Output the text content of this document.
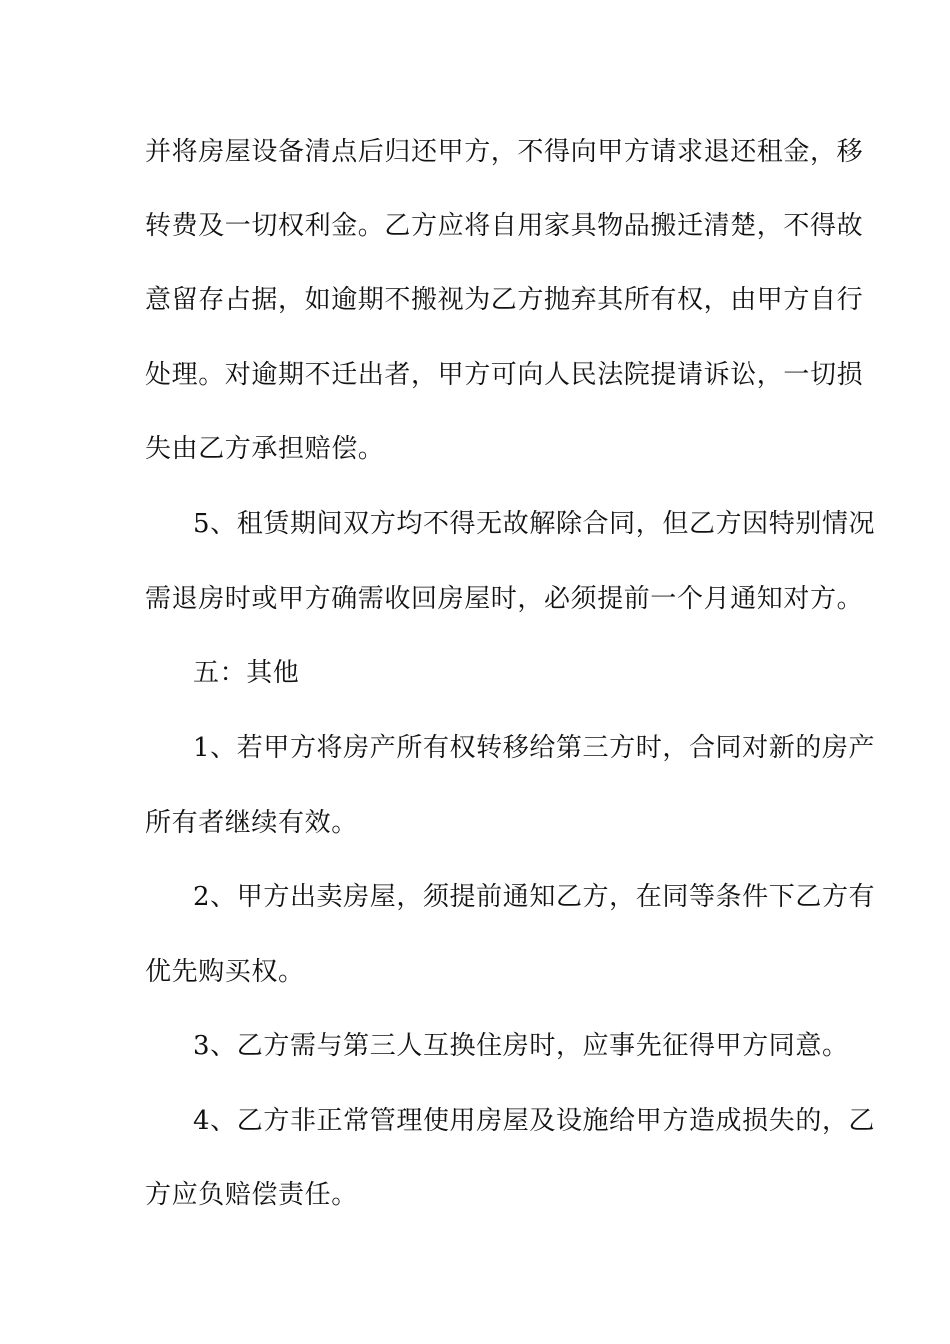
并将房屋设备清点后归还甲方，不得向甲方请求退还租金，移
转费及一切权利金。乙方应将自用家具物品搬迁清楚，不得故
意留存占据，如逾期不搬视为乙方抛弃其所有权，由甲方自行
处理。对逾期不迁出者，甲方可向人民法院提请诉讼，一切损
失由乙方承担赔偿。
5、租赁期间双方均不得无故解除合同，但乙方因特别情况
需退房时或甲方确需收回房屋时，必须提前一个月通知对方。
五：其他
1、若甲方将房产所有权转移给第三方时，合同对新的房产
所有者继续有效。
2、甲方出卖房屋，须提前通知乙方，在同等条件下乙方有
优先购买权。
3、乙方需与第三人互换住房时，应事先征得甲方同意。
4、乙方非正常管理使用房屋及设施给甲方造成损失的，乙
方应负赔偿责任。
